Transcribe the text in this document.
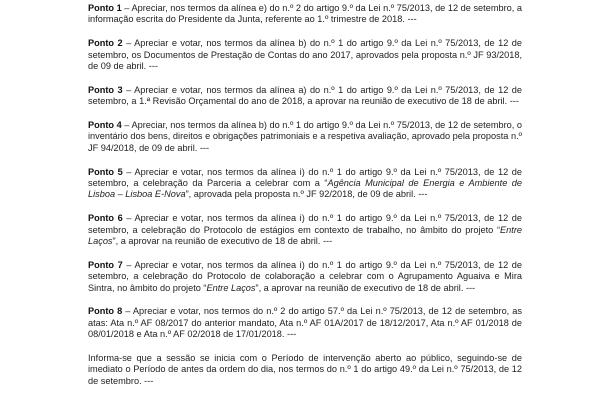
Ponto 1 – Apreciar, nos termos da alínea e) do n.º 2 do artigo 9.º da Lei n.º 75/2013, de 12 de setembro, a informação escrita do Presidente da Junta, referente ao 1.º trimestre de 2018. ---

Ponto 2 – Apreciar e votar, nos termos da alínea b) do n.º 1 do artigo 9.º da Lei n.º 75/2013, de 12 de setembro, os Documentos de Prestação de Contas do ano 2017, aprovados pela proposta n.º JF 93/2018, de 09 de abril. ---

Ponto 3 – Apreciar e votar, nos termos da alínea a) do n.º 1 do artigo 9.º da Lei n.º 75/2013, de 12 de setembro, a 1.ª Revisão Orçamental do ano de 2018, a aprovar na reunião de executivo de 18 de abril. ---

Ponto 4 – Apreciar, nos termos da alínea b) do n.º 1 do artigo 9.º da Lei n.º 75/2013, de 12 de setembro, o inventário dos bens, direitos e obrigações patrimoniais e a respetiva avaliação, aprovado pela proposta n.º JF 94/2018, de 09 de abril. ---

Ponto 5 – Apreciar e votar, nos termos da alínea i) do n.º 1 do artigo 9.º da Lei n.º 75/2013, de 12 de setembro, a celebração da Parceria a celebrar com a “Agência Municipal de Energia e Ambiente de Lisboa – Lisboa E-Nova”, aprovada pela proposta n.º JF 92/2018, de 09 de abril. ---

Ponto 6 – Apreciar e votar, nos termos da alínea i) do n.º 1 do artigo 9.º da Lei n.º 75/2013, de 12 de setembro, a celebração do Protocolo de estágios em contexto de trabalho, no âmbito do projeto “Entre Laços”, a aprovar na reunião de executivo de 18 de abril. ---

Ponto 7 – Apreciar e votar, nos termos da alínea i) do n.º 1 do artigo 9.º da Lei n.º 75/2013, de 12 de setembro, a celebração do Protocolo de colaboração a celebrar com o Agrupamento Aguaiva e Mira Sintra, no âmbito do projeto “Entre Laços”, a aprovar na reunião de executivo de 18 de abril. ---

Ponto 8 – Apreciar e votar, nos termos do n.º 2 do artigo 57.º da Lei n.º 75/2013, de 12 de setembro, as atas: Ata n.º AF 08/2017 do anterior mandato, Ata n.º AF 01A/2017 de 18/12/2017, Ata n.º AF 01/2018 de 08/01/2018 e Ata n.º AF 02/2018 de 17/01/2018. ---

Informa-se que a sessão se inicia com o Período de intervenção aberto ao público, seguindo-se de imediato o Período de antes da ordem do dia, nos termos do n.º 1 do artigo 49.º da Lei n.º 75/2013, de 12 de setembro. ---
